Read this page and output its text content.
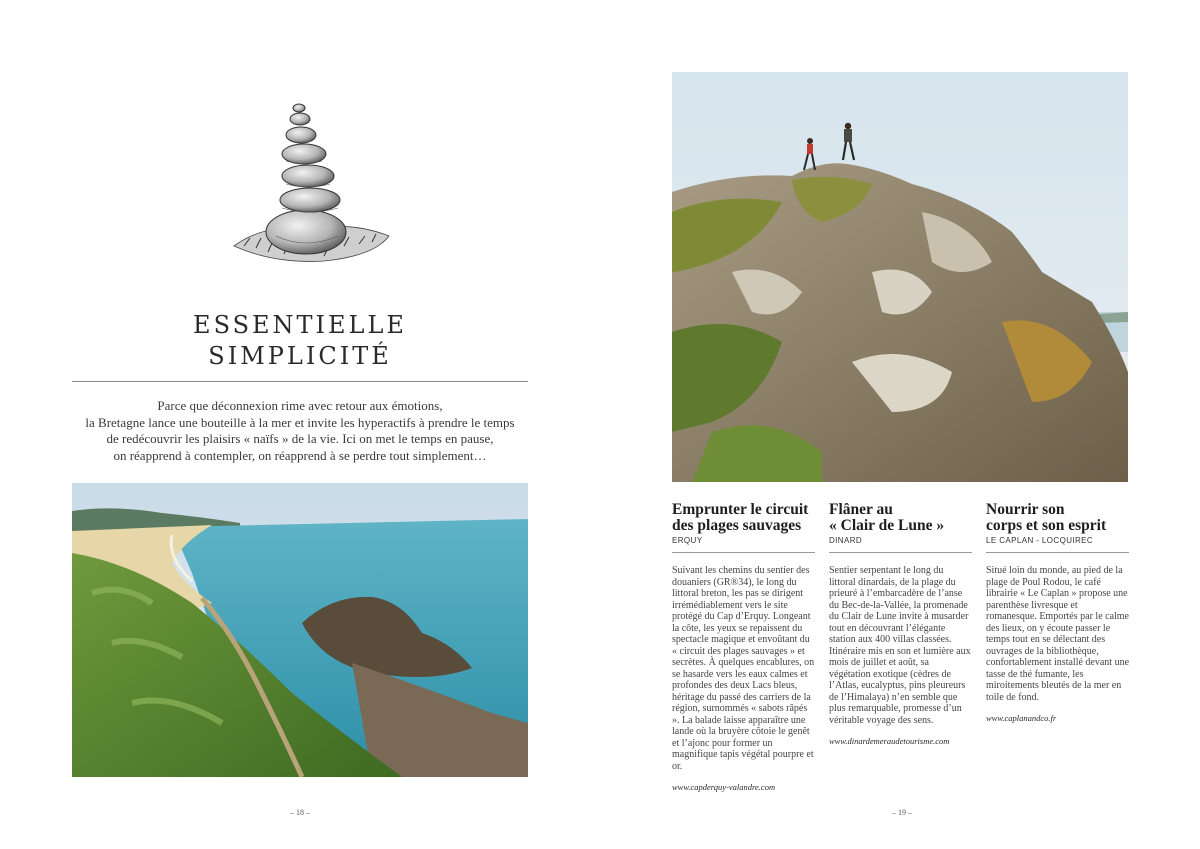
ESSENTIELLE
SIMPLICITÉ
Parce que déconnexion rime avec retour aux émotions,
la Bretagne lance une bouteille à la mer et invite les hyperactifs à prendre le temps
de redécouvrir les plaisirs « naïfs » de la vie. Ici on met le temps en pause,
on réapprend à contempler, on réapprend à se perdre tout simplement…
– 18 –
Emprunter le circuit
des plages sauvages
ERQUY
Suivant les chemins du sentier des douaniers (GR®34), le long du littoral breton, les pas se dirigent irrémédiablement vers le site protégé du Cap d’Erquy. Longeant la côte, les yeux se repaissent du spectacle magique et envoûtant du « circuit des plages sauvages » et secrètes. À quelques encablures, on se hasarde vers les eaux calmes et profondes des deux Lacs bleus, héritage du passé des carriers de la région, surnommés « sabots râpés ». La balade laisse apparaître une lande où la bruyère côtoie le genêt et l’ajonc pour former un magnifique tapis végétal pourpre et or.
www.capderquy-valandre.com
Flâner au
« Clair de Lune »
DINARD
Sentier serpentant le long du littoral dinardais, de la plage du prieuré à l’embarcadère de l’anse du Bec-de-la-Vallée, la promenade du Clair de Lune invite à musarder tout en découvrant l’élégante station aux 400 villas classées. Itinéraire mis en son et lumière aux mois de juillet et août, sa végétation exotique (cèdres de l’Atlas, eucalyptus, pins pleureurs de l’Himalaya) n’en semble que plus remarquable, promesse d’un véritable voyage des sens.
www.dinardemeraudetourisme.com
Nourrir son
corps et son esprit
LE CAPLAN - LOCQUIREC
Situé loin du monde, au pied de la plage de Poul Rodou, le café librairie « Le Caplan » propose une parenthèse livresque et romanesque. Emportés par le calme des lieux, on y écoute passer le temps tout en se délectant des ouvrages de la bibliothèque, confortablement installé devant une tasse de thé fumante, les miroitements bleutés de la mer en toile de fond.
www.caplanandco.fr
– 19 –
